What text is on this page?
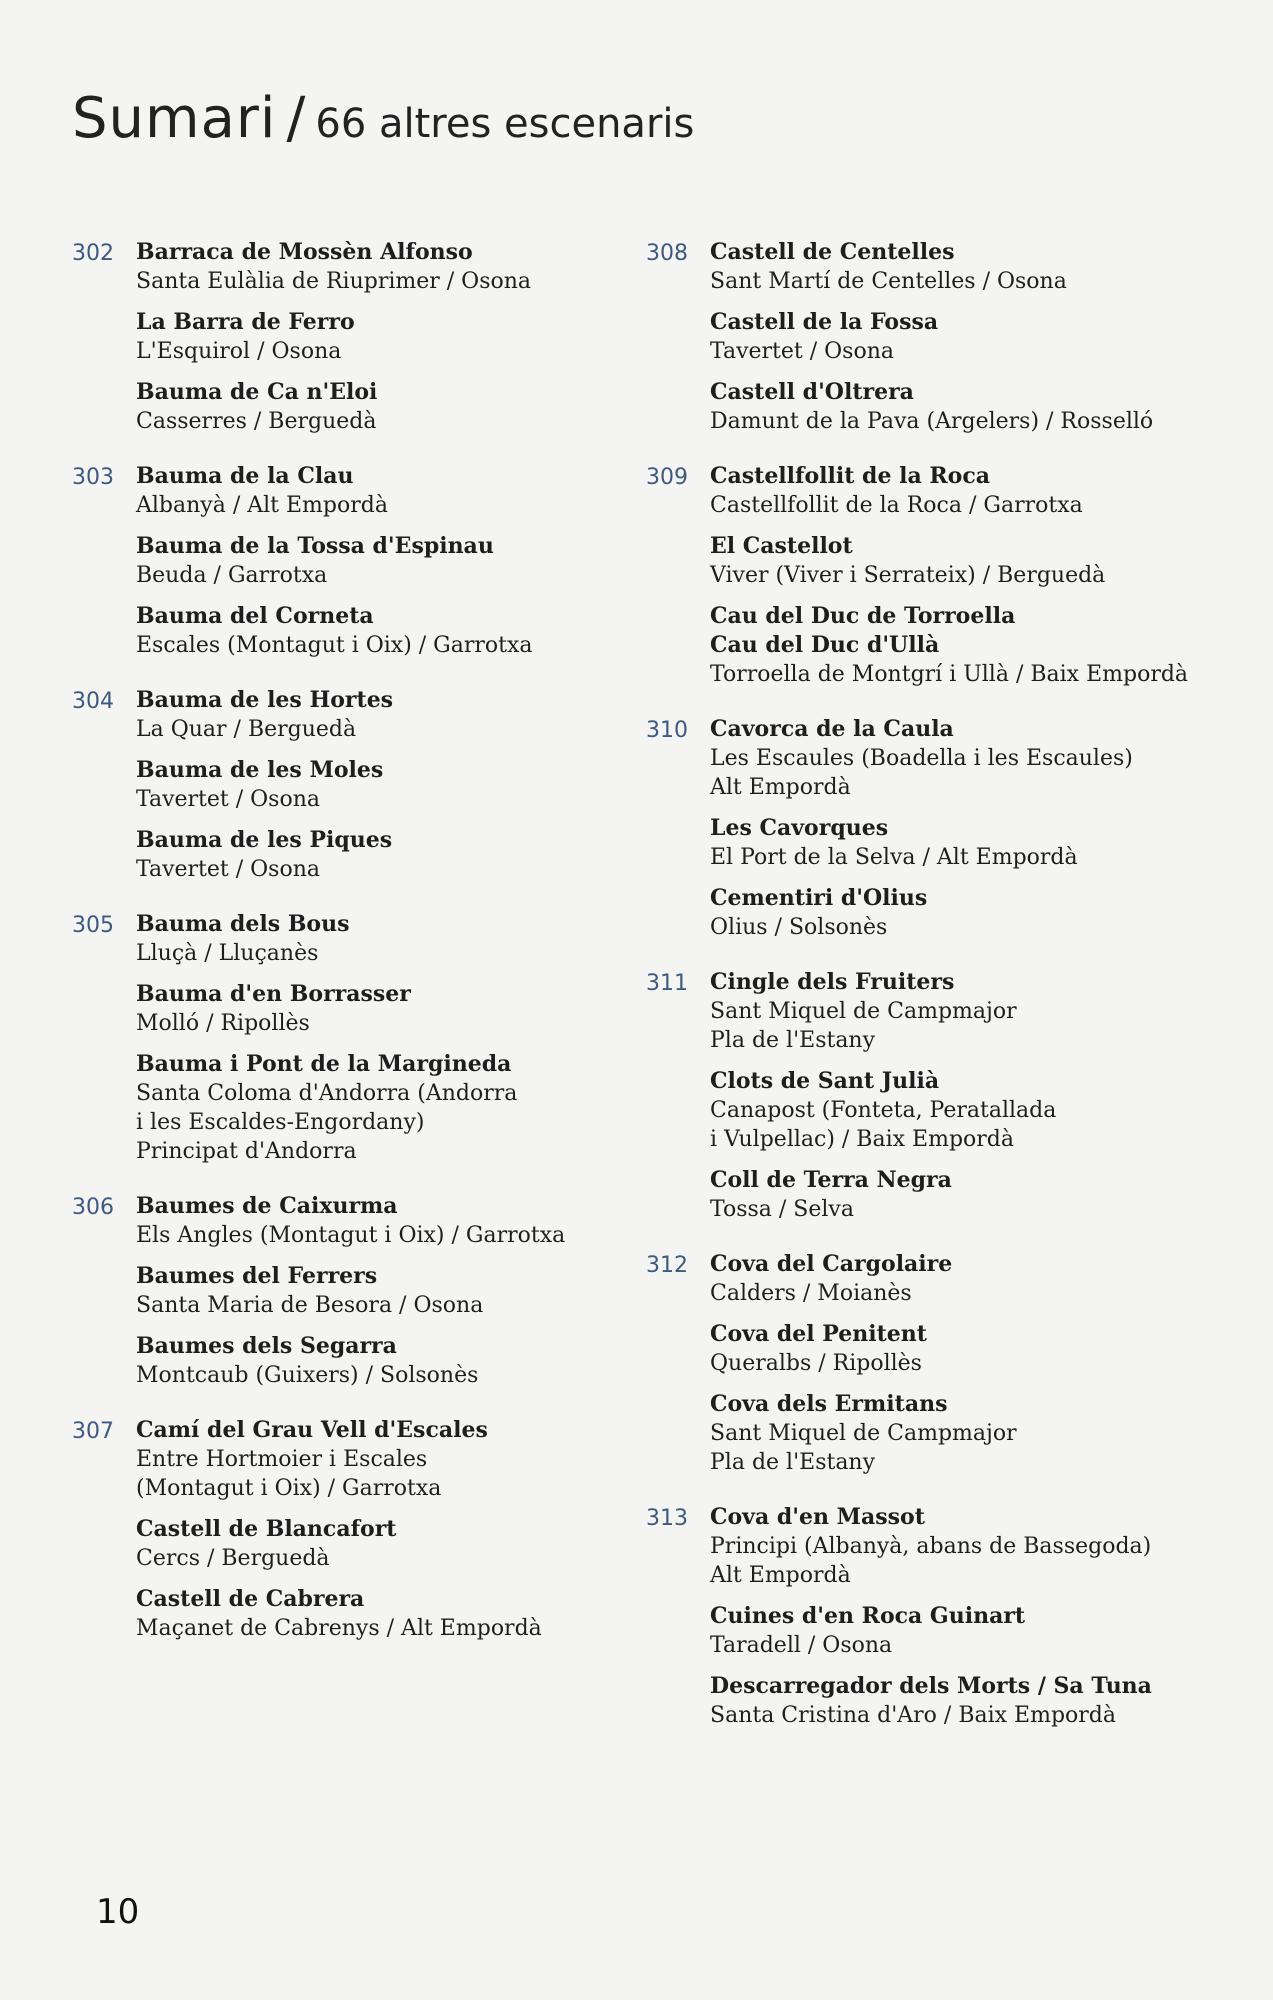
Sumari / 66 altres escenaris
302	Barraca de Mossèn Alfonso
Santa Eulàlia de Riuprimer / Osona
La Barra de Ferro
L'Esquirol / Osona
Bauma de Ca n'Eloi
Casserres / Berguedà
303	Bauma de la Clau
Albanyà / Alt Empordà
Bauma de la Tossa d'Espinau
Beuda / Garrotxa
Bauma del Corneta
Escales (Montagut i Oix) / Garrotxa
304	Bauma de les Hortes
La Quar / Berguedà
Bauma de les Moles
Tavertet / Osona
Bauma de les Piques
Tavertet / Osona
305	Bauma dels Bous
Lluçà / Lluçanès
Bauma d'en Borrasser
Molló / Ripollès
Bauma i Pont de la Margineda
Santa Coloma d'Andorra (Andorra
i les Escaldes-Engordany)
Principat d'Andorra
306	Baumes de Caixurma
Els Angles (Montagut i Oix) / Garrotxa
Baumes del Ferrers
Santa Maria de Besora / Osona
Baumes dels Segarra
Montcaub (Guixers) / Solsonès
307	Camí del Grau Vell d'Escales
Entre Hortmoier i Escales
(Montagut i Oix) / Garrotxa
Castell de Blancafort
Cercs / Berguedà
Castell de Cabrera
Maçanet de Cabrenys / Alt Empordà
308	Castell de Centelles
Sant Martí de Centelles / Osona
Castell de la Fossa
Tavertet / Osona
Castell d'Oltrera
Damunt de la Pava (Argelers) / Rosselló
309	Castellfollit de la Roca
Castellfollit de la Roca / Garrotxa
El Castellot
Viver (Viver i Serrateix) / Berguedà
Cau del Duc de Torroella
Cau del Duc d'Ullà
Torroella de Montgrí i Ullà / Baix Empordà
310	Cavorca de la Caula
Les Escaules (Boadella i les Escaules)
Alt Empordà
Les Cavorques
El Port de la Selva / Alt Empordà
Cementiri d'Olius
Olius / Solsonès
311	Cingle dels Fruiters
Sant Miquel de Campmajor
Pla de l'Estany
Clots de Sant Julià
Canapost (Fonteta, Peratallada
i Vulpellac) / Baix Empordà
Coll de Terra Negra
Tossa / Selva
312	Cova del Cargolaire
Calders / Moianès
Cova del Penitent
Queralbs / Ripollès
Cova dels Ermitans
Sant Miquel de Campmajor
Pla de l'Estany
313	Cova d'en Massot
Principi (Albanyà, abans de Bassegoda)
Alt Empordà
Cuines d'en Roca Guinart
Taradell / Osona
Descarregador dels Morts / Sa Tuna
Santa Cristina d'Aro / Baix Empordà
10
